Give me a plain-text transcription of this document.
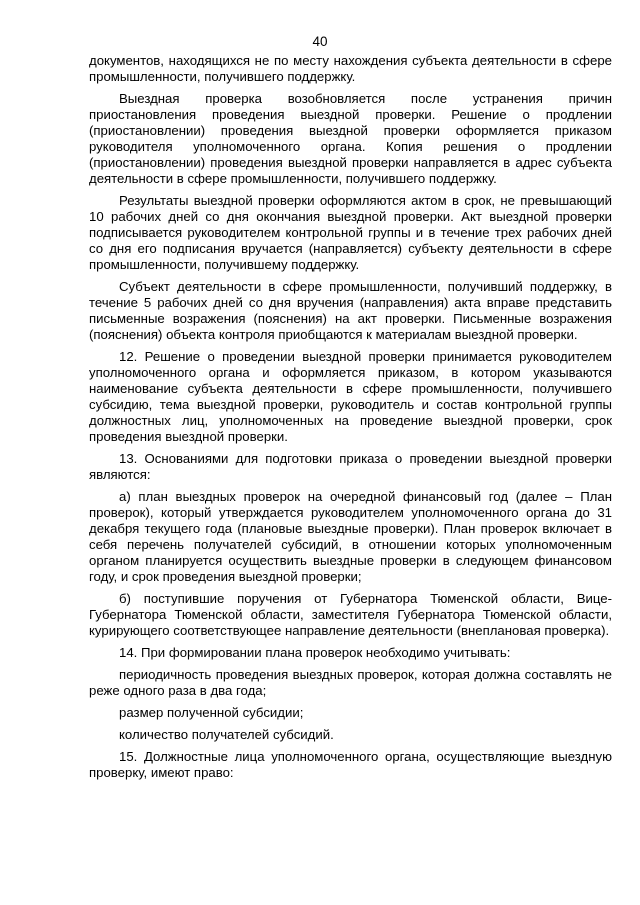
40

документов, находящихся не по месту нахождения субъекта деятельности в сфере промышленности, получившего поддержку.

Выездная проверка возобновляется после устранения причин приостановления проведения выездной проверки. Решение о продлении (приостановлении) проведения выездной проверки оформляется приказом руководителя уполномоченного органа. Копия решения о продлении (приостановлении) проведения выездной проверки направляется в адрес субъекта деятельности в сфере промышленности, получившего поддержку.

Результаты выездной проверки оформляются актом в срок, не превышающий 10 рабочих дней со дня окончания выездной проверки. Акт выездной проверки подписывается руководителем контрольной группы и в течение трех рабочих дней со дня его подписания вручается (направляется) субъекту деятельности в сфере промышленности, получившему поддержку.

Субъект деятельности в сфере промышленности, получивший поддержку, в течение 5 рабочих дней со дня вручения (направления) акта вправе представить письменные возражения (пояснения) на акт проверки. Письменные возражения (пояснения) объекта контроля приобщаются к материалам выездной проверки.

12. Решение о проведении выездной проверки принимается руководителем уполномоченного органа и оформляется приказом, в котором указываются наименование субъекта деятельности в сфере промышленности, получившего субсидию, тема выездной проверки, руководитель и состав контрольной группы должностных лиц, уполномоченных на проведение выездной проверки, срок проведения выездной проверки.

13. Основаниями для подготовки приказа о проведении выездной проверки являются:

а) план выездных проверок на очередной финансовый год (далее – План проверок), который утверждается руководителем уполномоченного органа до 31 декабря текущего года (плановые выездные проверки). План проверок включает в себя перечень получателей субсидий, в отношении которых уполномоченным органом планируется осуществить выездные проверки в следующем финансовом году, и срок проведения выездной проверки;

б) поступившие поручения от Губернатора Тюменской области, Вице-Губернатора Тюменской области, заместителя Губернатора Тюменской области, курирующего соответствующее направление деятельности (внеплановая проверка).

14. При формировании плана проверок необходимо учитывать:

периодичность проведения выездных проверок, которая должна составлять не реже одного раза в два года;

размер полученной субсидии;

количество получателей субсидий.

15. Должностные лица уполномоченного органа, осуществляющие выездную проверку, имеют право:
